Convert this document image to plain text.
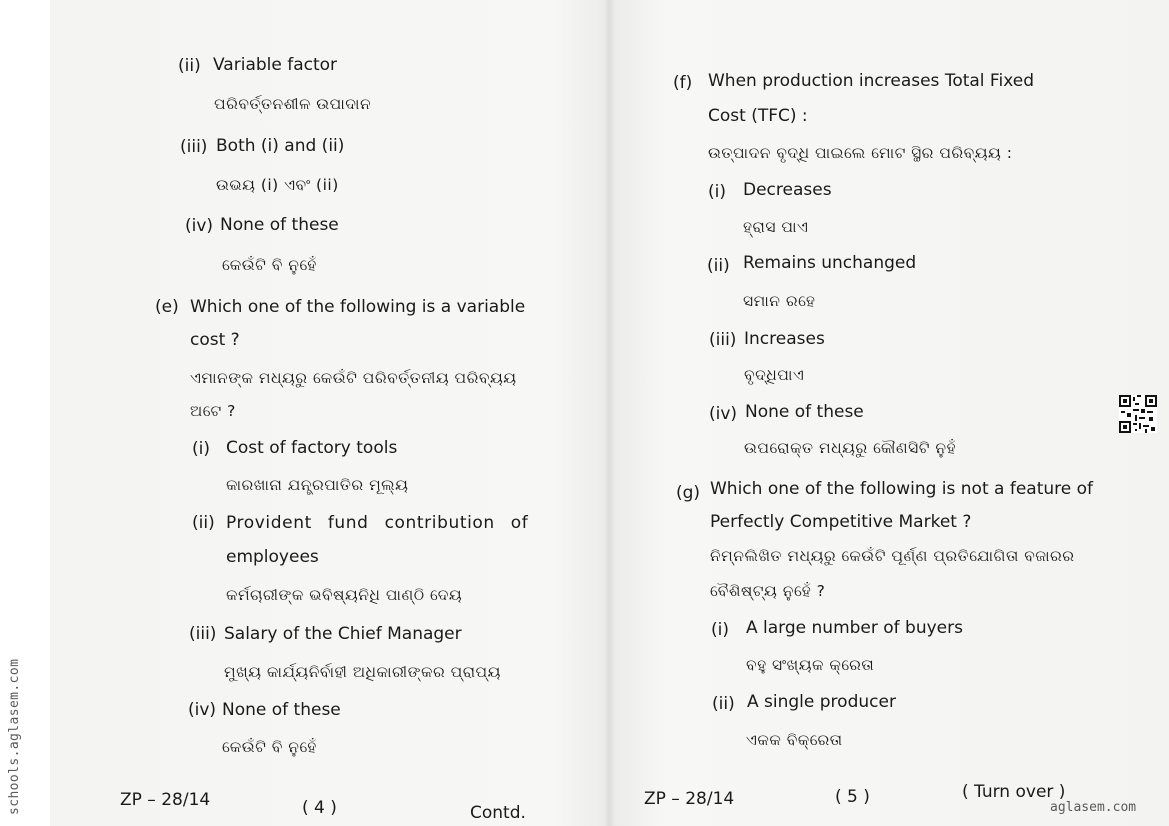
(ii) Variable factor
ପରିବର୍ତ୍ତନଶୀଳ ଉପାଦାନ
(iii) Both (i) and (ii)
ଉଭୟ (i) ଏବଂ (ii)
(iv) None of these
କେଉଁଟି ବି ନୁହେଁ
(e) Which one of the following is a variable
cost ?
ଏମାନଙ୍କ ମଧ୍ୟରୁ କେଉଁଟି ପରିବର୍ତ୍ତନୀୟ ପରିବ୍ୟୟ
ଅଟେ ?
(i) Cost of factory tools
କାରଖାନା ଯନ୍ତ୍ରପାତିର ମୂଲ୍ୟ
(ii) Provident fund contribution of
employees
କର୍ମଚାରୀଙ୍କ ଭବିଷ୍ୟନିଧି ପାଣ୍ଠି ଦେୟ
(iii) Salary of the Chief Manager
ମୁଖ୍ୟ କାର୍ଯ୍ୟନିର୍ବାହୀ ଅଧିକାରୀଙ୍କର ପ୍ରାପ୍ୟ
(iv) None of these
କେଉଁଟି ବି ନୁହେଁ
ZP – 28/14	( 4 )	Contd.
(f) When production increases Total Fixed
Cost (TFC) :
ଉତ୍ପାଦନ ବୃଦ୍ଧି ପାଇଲେ ମୋଟ ସ୍ଥିର ପରିବ୍ୟୟ :
(i) Decreases
ହ୍ରାସ ପାଏ
(ii) Remains unchanged
ସମାନ ରହେ
(iii) Increases
ବୃଦ୍ଧିପାଏ
(iv) None of these
ଉପରୋକ୍ତ ମଧ୍ୟରୁ କୌଣସିଟି ନୁହଁ
(g) Which one of the following is not a feature of
Perfectly Competitive Market ?
ନିମ୍ନଲିଖିତ ମଧ୍ୟରୁ କେଉଁଟି ପୂର୍ଣ୍ଣ ପ୍ରତିଯୋଗିତା ବଜାରର
ବୈଶିଷ୍ଟ୍ୟ ନୁହେଁ ?
(i) A large number of buyers
ବହୁ ସଂଖ୍ୟକ କ୍ରେତା
(ii) A single producer
ଏକକ ବିକ୍ରେତା
ZP – 28/14	( 5 )	( Turn over )
schools.aglasem.com	aglasem.com
